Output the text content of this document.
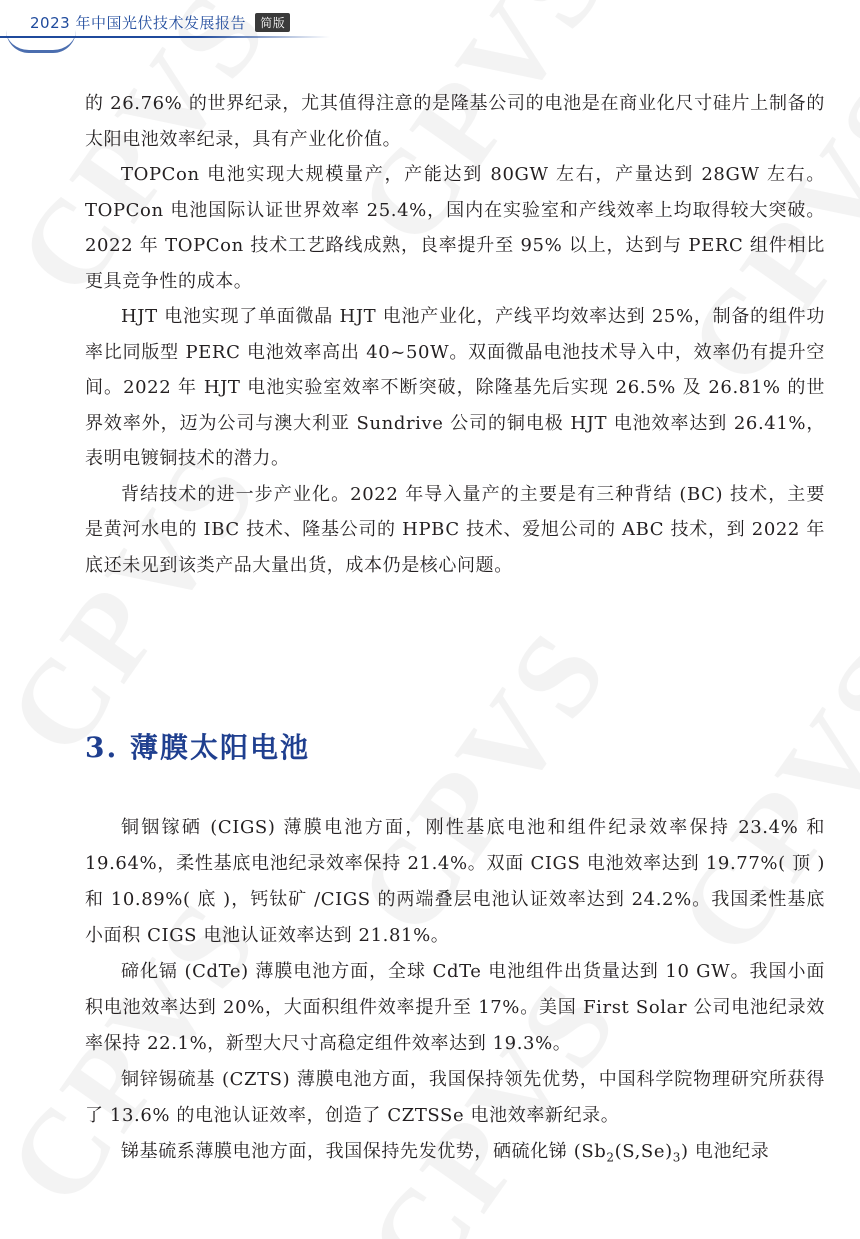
2023 年中国光伏技术发展报告 简版

的 26.76% 的世界纪录，尤其值得注意的是隆基公司的电池是在商业化尺寸硅片上制备的太阳电池效率纪录，具有产业化价值。

TOPCon 电池实现大规模量产，产能达到 80GW 左右，产量达到 28GW 左右。TOPCon 电池国际认证世界效率 25.4%，国内在实验室和产线效率上均取得较大突破。2022 年 TOPCon 技术工艺路线成熟，良率提升至 95% 以上，达到与 PERC 组件相比更具竞争性的成本。

HJT 电池实现了单面微晶 HJT 电池产业化，产线平均效率达到 25%，制备的组件功率比同版型 PERC 电池效率高出 40~50W。双面微晶电池技术导入中，效率仍有提升空间。2022 年 HJT 电池实验室效率不断突破，除隆基先后实现 26.5% 及 26.81% 的世界效率外，迈为公司与澳大利亚 Sundrive 公司的铜电极 HJT 电池效率达到 26.41%，表明电镀铜技术的潜力。

背结技术的进一步产业化。2022 年导入量产的主要是有三种背结 (BC) 技术，主要是黄河水电的 IBC 技术、隆基公司的 HPBC 技术、爱旭公司的 ABC 技术，到 2022 年底还未见到该类产品大量出货，成本仍是核心问题。

3. 薄膜太阳电池

铜铟镓硒 (CIGS) 薄膜电池方面，刚性基底电池和组件纪录效率保持 23.4% 和 19.64%，柔性基底电池纪录效率保持 21.4%。双面 CIGS 电池效率达到 19.77%( 顶 ) 和 10.89%( 底 )，钙钛矿 /CIGS 的两端叠层电池认证效率达到 24.2%。我国柔性基底小面积 CIGS 电池认证效率达到 21.81%。

碲化镉 (CdTe) 薄膜电池方面，全球 CdTe 电池组件出货量达到 10 GW。我国小面积电池效率达到 20%，大面积组件效率提升至 17%。美国 First Solar 公司电池纪录效率保持 22.1%，新型大尺寸高稳定组件效率达到 19.3%。

铜锌锡硫基 (CZTS) 薄膜电池方面，我国保持领先优势，中国科学院物理研究所获得了 13.6% 的电池认证效率，创造了 CZTSSe 电池效率新纪录。

锑基硫系薄膜电池方面，我国保持先发优势，硒硫化锑 $(Sb_2(S,Se)_3)$ 电池纪录
